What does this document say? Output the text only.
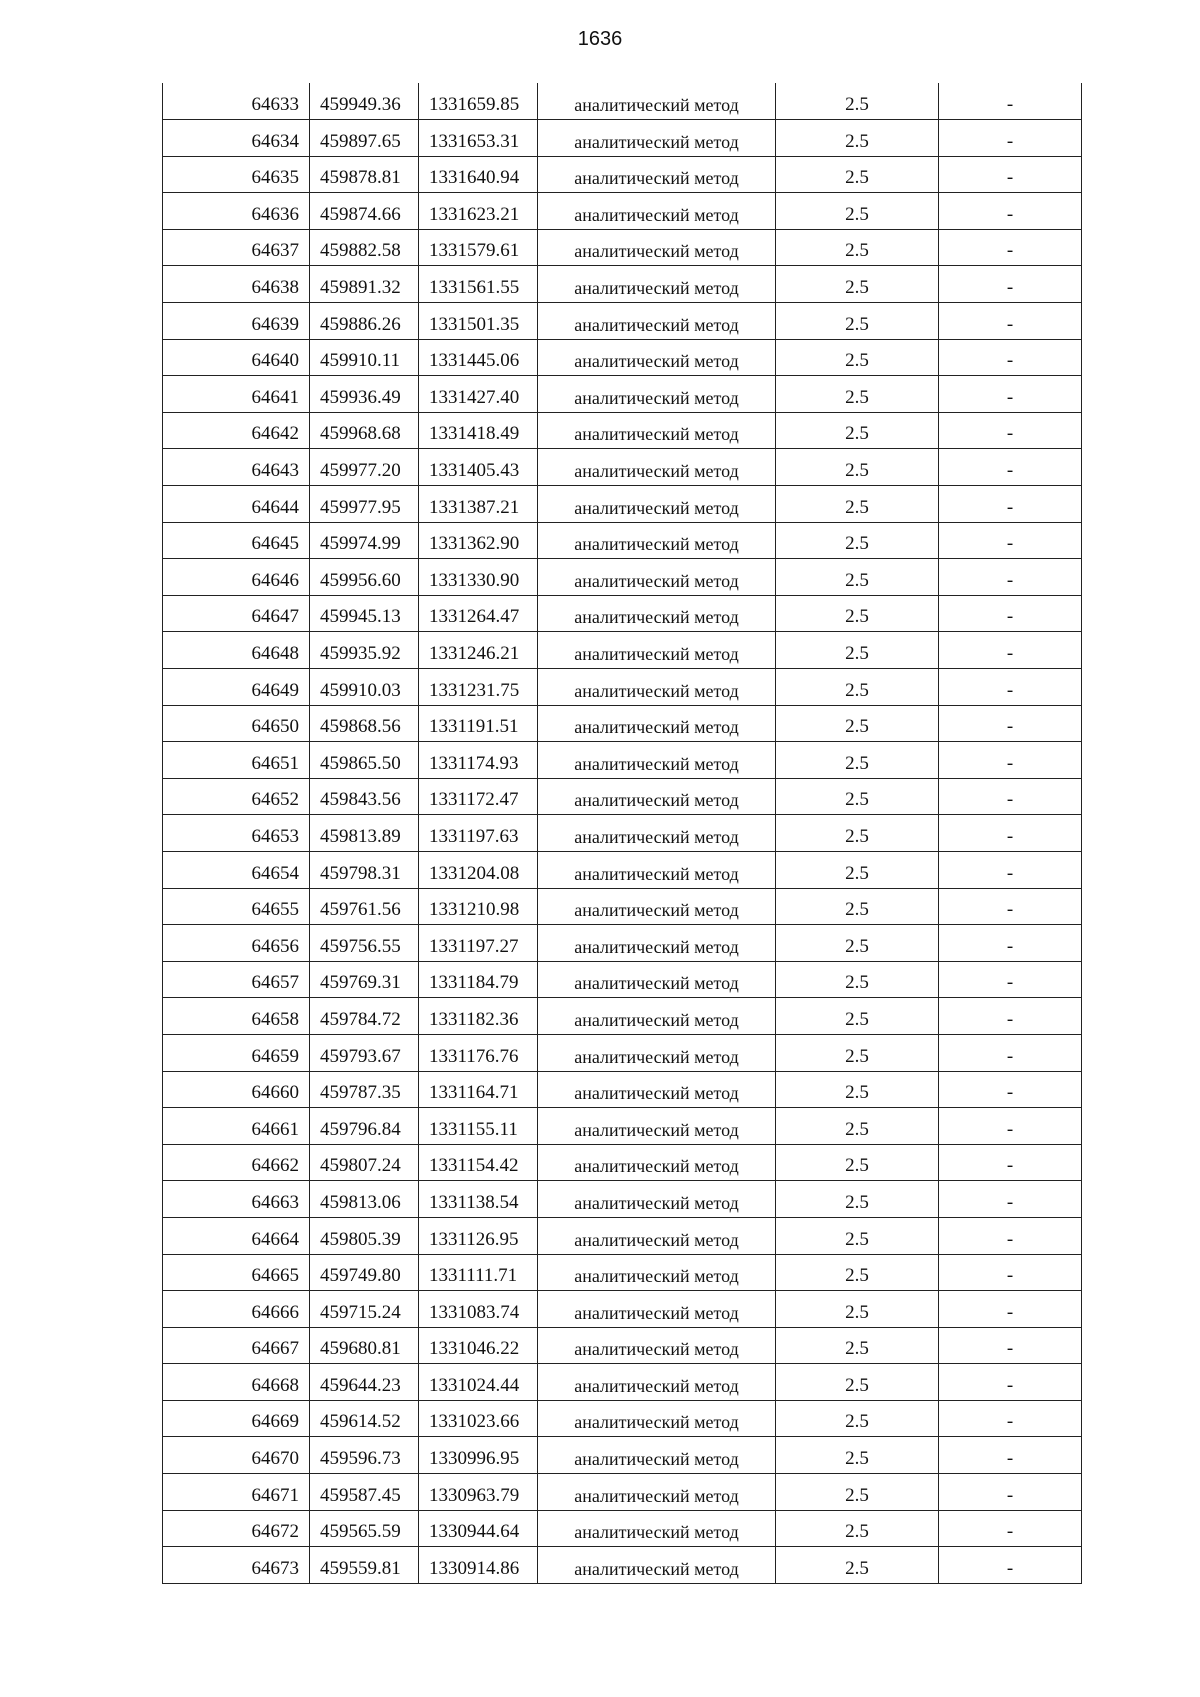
1636
64633	459949.36	1331659.85	аналитический метод	2.5	-
64634	459897.65	1331653.31	аналитический метод	2.5	-
64635	459878.81	1331640.94	аналитический метод	2.5	-
64636	459874.66	1331623.21	аналитический метод	2.5	-
64637	459882.58	1331579.61	аналитический метод	2.5	-
64638	459891.32	1331561.55	аналитический метод	2.5	-
64639	459886.26	1331501.35	аналитический метод	2.5	-
64640	459910.11	1331445.06	аналитический метод	2.5	-
64641	459936.49	1331427.40	аналитический метод	2.5	-
64642	459968.68	1331418.49	аналитический метод	2.5	-
64643	459977.20	1331405.43	аналитический метод	2.5	-
64644	459977.95	1331387.21	аналитический метод	2.5	-
64645	459974.99	1331362.90	аналитический метод	2.5	-
64646	459956.60	1331330.90	аналитический метод	2.5	-
64647	459945.13	1331264.47	аналитический метод	2.5	-
64648	459935.92	1331246.21	аналитический метод	2.5	-
64649	459910.03	1331231.75	аналитический метод	2.5	-
64650	459868.56	1331191.51	аналитический метод	2.5	-
64651	459865.50	1331174.93	аналитический метод	2.5	-
64652	459843.56	1331172.47	аналитический метод	2.5	-
64653	459813.89	1331197.63	аналитический метод	2.5	-
64654	459798.31	1331204.08	аналитический метод	2.5	-
64655	459761.56	1331210.98	аналитический метод	2.5	-
64656	459756.55	1331197.27	аналитический метод	2.5	-
64657	459769.31	1331184.79	аналитический метод	2.5	-
64658	459784.72	1331182.36	аналитический метод	2.5	-
64659	459793.67	1331176.76	аналитический метод	2.5	-
64660	459787.35	1331164.71	аналитический метод	2.5	-
64661	459796.84	1331155.11	аналитический метод	2.5	-
64662	459807.24	1331154.42	аналитический метод	2.5	-
64663	459813.06	1331138.54	аналитический метод	2.5	-
64664	459805.39	1331126.95	аналитический метод	2.5	-
64665	459749.80	1331111.71	аналитический метод	2.5	-
64666	459715.24	1331083.74	аналитический метод	2.5	-
64667	459680.81	1331046.22	аналитический метод	2.5	-
64668	459644.23	1331024.44	аналитический метод	2.5	-
64669	459614.52	1331023.66	аналитический метод	2.5	-
64670	459596.73	1330996.95	аналитический метод	2.5	-
64671	459587.45	1330963.79	аналитический метод	2.5	-
64672	459565.59	1330944.64	аналитический метод	2.5	-
64673	459559.81	1330914.86	аналитический метод	2.5	-
